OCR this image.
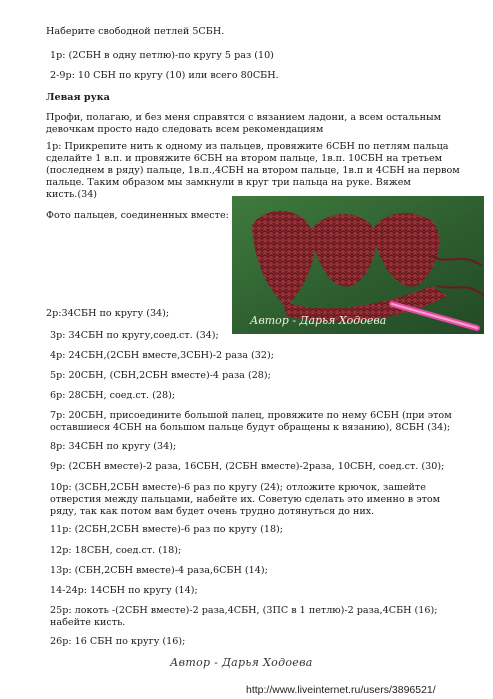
Наберите свободной петлей 5СБН.

1р: (2СБН в одну петлю)-по кругу 5 раз (10)

2-9р: 10 СБН по кругу (10) или всего 80СБН.

Левая рука

Профи, полагаю, и без меня справятся с вязанием ладони, а всем остальным
девочкам просто надо следовать всем рекомендациям
1р: Прикрепите нить к одному из пальцев, провяжите 6СБН по петлям пальца
сделайте 1 в.п. и провяжите 6СБН на втором пальце, 1в.п. 10СБН на третьем
(последнем в ряду) пальце, 1в.п.,4СБН на втором пальце, 1в.п и 4СБН на первом
пальце. Таким образом мы замкнули в круг три пальца на руке. Вяжем
кисть.(34)

Фото пальцев, соединенных вместе:

Автор - Дарья Ходоева

2р:34СБН по кругу (34);

3р: 34СБН по кругу,соед.ст. (34);

4р: 24СБН,(2СБН вместе,3СБН)-2 раза (32);

5р: 20СБН, (СБН,2СБН вместе)-4 раза (28);

6р: 28СБН, соед.ст. (28);

7р: 20СБН, присоедините большой палец, провяжите по нему 6СБН (при этом
оставшиеся 4СБН на большом пальце будут обращены к вязанию), 8СБН (34);

8р: 34СБН по кругу (34);

9р: (2СБН вместе)-2 раза, 16СБН, (2СБН вместе)-2раза, 10СБН, соед.ст. (30);

10р: (3СБН,2СБН вместе)-6 раз по кругу (24); отложите крючок, зашейте
отверстия между пальцами, набейте их. Советую сделать это именно в этом
ряду, так как потом вам будет очень трудно дотянуться до них.

11р: (2СБН,2СБН вместе)-6 раз по кругу (18);

12р: 18СБН, соед.ст. (18);

13р: (СБН,2СБН вместе)-4 раза,6СБН (14);

14-24р: 14СБН по кругу (14);

25р: локоть -(2СБН вместе)-2 раза,4СБН, (3ПС в 1 петлю)-2 раза,4СБН (16);
набейте кисть.

26р: 16 СБН по кругу (16);

Автор - Дарья Ходоева

http://www.liveinternet.ru/users/3896521/
